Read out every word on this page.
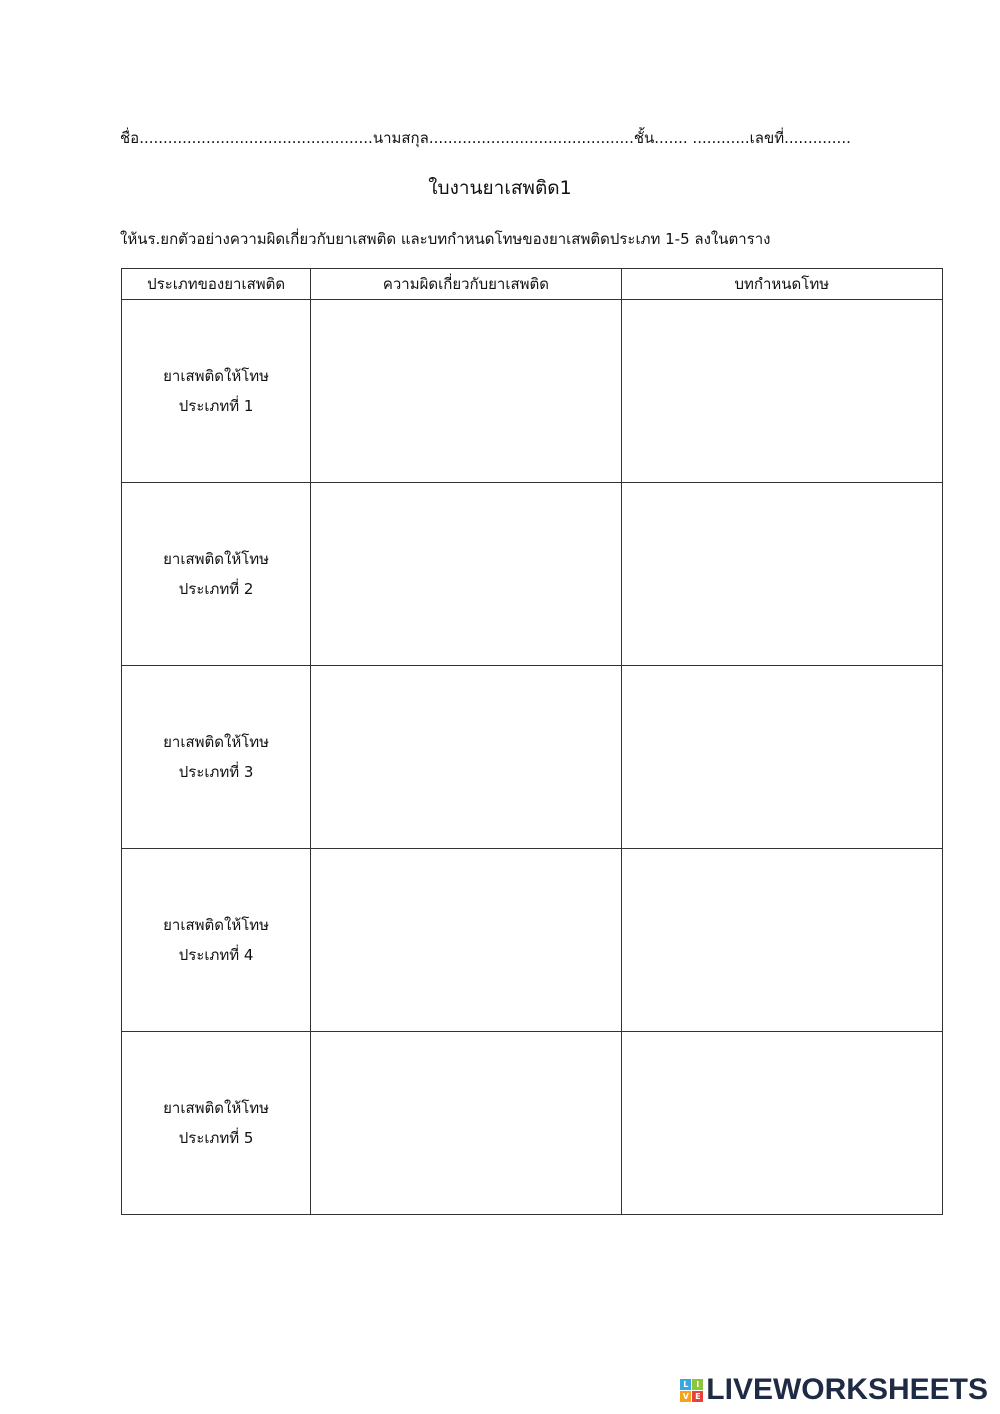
ชื่อ.................................................นามสกุล...........................................ชั้น....... ............เลขที่..............
ใบงานยาเสพติด1
ให้นร.ยกตัวอย่างความผิดเกี่ยวกับยาเสพติด และบทกำหนดโทษของยาเสพติดประเภท 1-5 ลงในตาราง
ประเภทของยาเสพติด	ความผิดเกี่ยวกับยาเสพติด	บทกำหนดโทษ

ยาเสพติดให้โทษ
ประเภทที่ 1		

ยาเสพติดให้โทษ
ประเภทที่ 2		

ยาเสพติดให้โทษ
ประเภทที่ 3		

ยาเสพติดให้โทษ
ประเภทที่ 4		

ยาเสพติดให้โทษ
ประเภทที่ 5		

L I
V E LIVEWORKSHEETS
